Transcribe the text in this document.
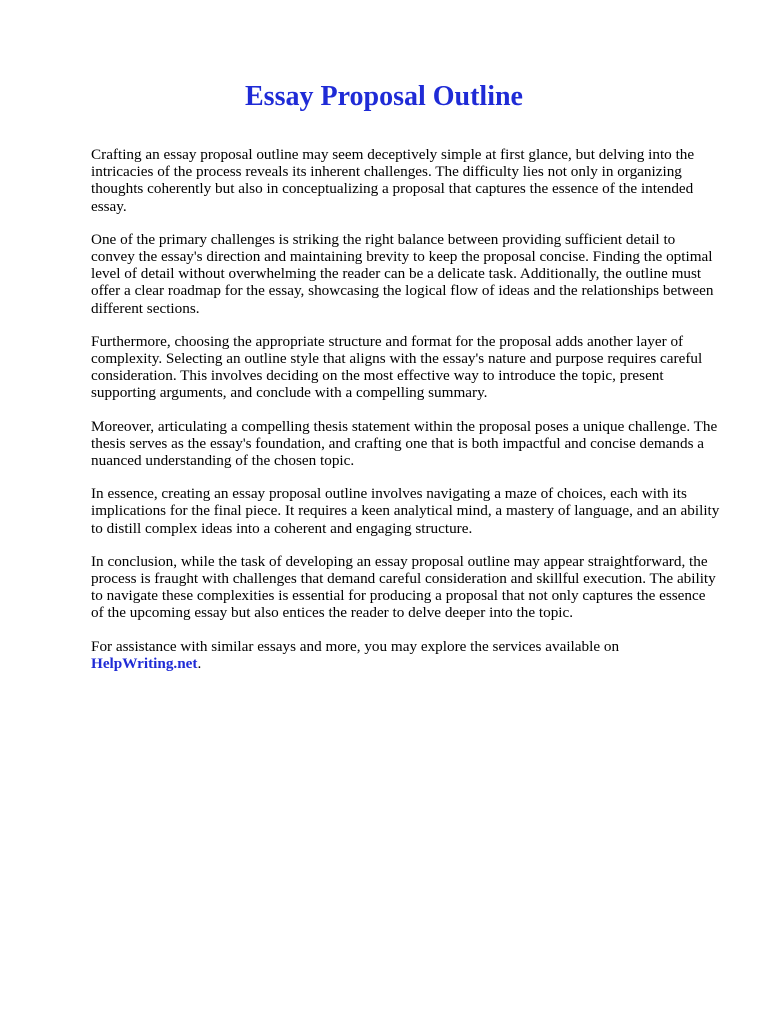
Essay Proposal Outline

Crafting an essay proposal outline may seem deceptively simple at first glance, but delving into the intricacies of the process reveals its inherent challenges. The difficulty lies not only in organizing thoughts coherently but also in conceptualizing a proposal that captures the essence of the intended essay.

One of the primary challenges is striking the right balance between providing sufficient detail to convey the essay's direction and maintaining brevity to keep the proposal concise. Finding the optimal level of detail without overwhelming the reader can be a delicate task. Additionally, the outline must offer a clear roadmap for the essay, showcasing the logical flow of ideas and the relationships between different sections.

Furthermore, choosing the appropriate structure and format for the proposal adds another layer of complexity. Selecting an outline style that aligns with the essay's nature and purpose requires careful consideration. This involves deciding on the most effective way to introduce the topic, present supporting arguments, and conclude with a compelling summary.

Moreover, articulating a compelling thesis statement within the proposal poses a unique challenge. The thesis serves as the essay's foundation, and crafting one that is both impactful and concise demands a nuanced understanding of the chosen topic.

In essence, creating an essay proposal outline involves navigating a maze of choices, each with its implications for the final piece. It requires a keen analytical mind, a mastery of language, and an ability to distill complex ideas into a coherent and engaging structure.

In conclusion, while the task of developing an essay proposal outline may appear straightforward, the process is fraught with challenges that demand careful consideration and skillful execution. The ability to navigate these complexities is essential for producing a proposal that not only captures the essence of the upcoming essay but also entices the reader to delve deeper into the topic.

For assistance with similar essays and more, you may explore the services available on
HelpWriting.net.
